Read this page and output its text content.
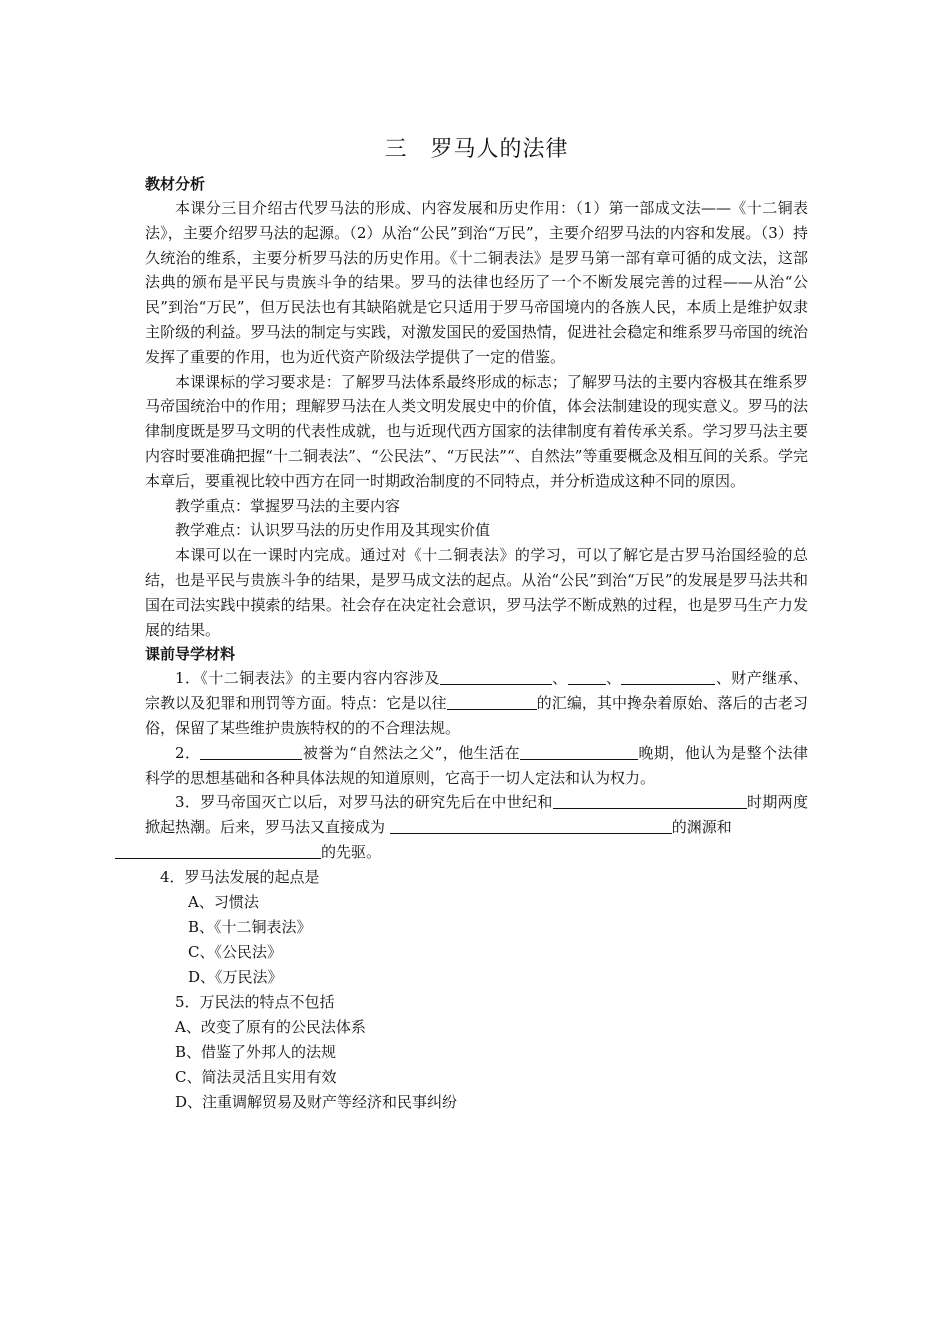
三　罗马人的法律
教材分析

本课分三目介绍古代罗马法的形成、内容发展和历史作用：（1）第一部成文法——《十二铜表法》，主要介绍罗马法的起源。（2）从治“公民”到治“万民”，主要介绍罗马法的内容和发展。（3）持久统治的维系，主要分析罗马法的历史作用。《十二铜表法》是罗马第一部有章可循的成文法，这部法典的颁布是平民与贵族斗争的结果。罗马的法律也经历了一个不断发展完善的过程——从治“公民”到治“万民”，但万民法也有其缺陷就是它只适用于罗马帝国境内的各族人民，本质上是维护奴隶主阶级的利益。罗马法的制定与实践，对激发国民的爱国热情，促进社会稳定和维系罗马帝国的统治发挥了重要的作用，也为近代资产阶级法学提供了一定的借鉴。

本课课标的学习要求是：了解罗马法体系最终形成的标志；了解罗马法的主要内容极其在维系罗马帝国统治中的作用；理解罗马法在人类文明发展史中的价值，体会法制建设的现实意义。罗马的法律制度既是罗马文明的代表性成就，也与近现代西方国家的法律制度有着传承关系。学习罗马法主要内容时要准确把握“十二铜表法”、“公民法”、“万民法”“、自然法”等重要概念及相互间的关系。学完本章后，要重视比较中西方在同一时期政治制度的不同特点，并分析造成这种不同的原因。

教学重点：掌握罗马法的主要内容

教学难点：认识罗马法的历史作用及其现实价值

本课可以在一课时内完成。通过对《十二铜表法》的学习，可以了解它是古罗马治国经验的总结，也是平民与贵族斗争的结果，是罗马成文法的起点。从治“公民”到治“万民”的发展是罗马法共和国在司法实践中摸索的结果。社会存在决定社会意识，罗马法学不断成熟的过程，也是罗马生产力发展的结果。

课前导学材料

1．《十二铜表法》的主要内容内容涉及	、	、	、财产继承、宗教以及犯罪和刑罚等方面。特点：它是以往	的汇编，其中搀杂着原始、落后的古老习俗，保留了某些维护贵族特权的的不合理法规。

2．	被誉为“自然法之父”，他生活在	晚期，他认为是整个法律科学的思想基础和各种具体法规的知道原则，它高于一切人定法和认为权力。

3．罗马帝国灭亡以后，对罗马法的研究先后在中世纪和	时期两度掀起热潮。后来，罗马法又直接成为	的渊源和
的先驱。

4．罗马法发展的起点是

A、习惯法

B、《十二铜表法》

C、《公民法》

D、《万民法》

5．万民法的特点不包括

A、改变了原有的公民法体系

B、借鉴了外邦人的法规

C、简法灵活且实用有效

D、注重调解贸易及财产等经济和民事纠纷
